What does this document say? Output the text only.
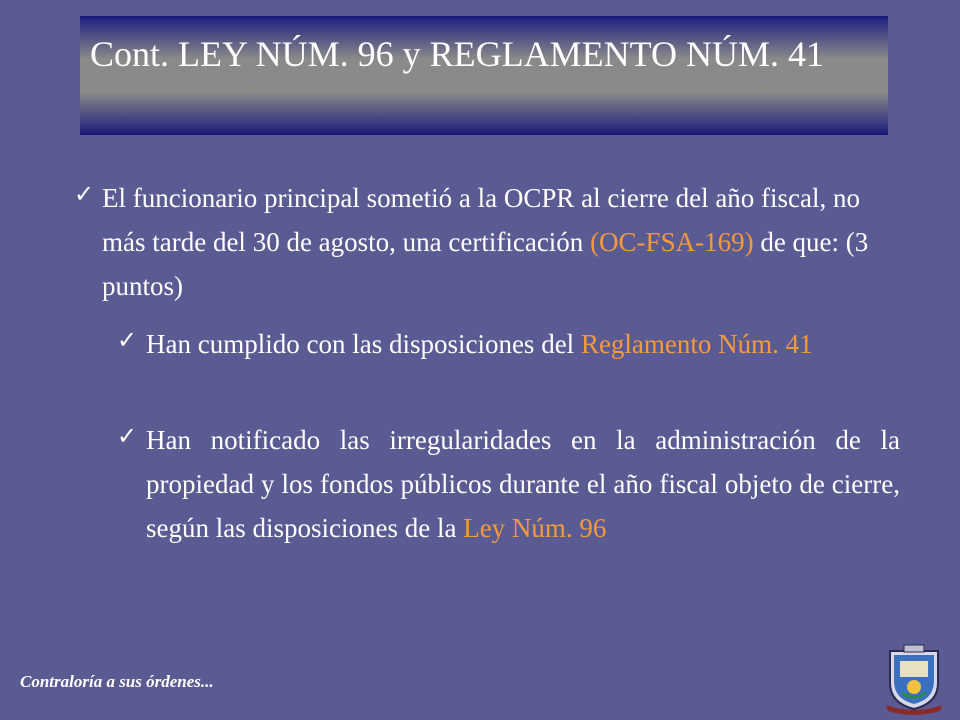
Cont. LEY NÚM. 96 y REGLAMENTO NÚM. 41
✓ El funcionario principal sometió a la OCPR al cierre del año fiscal, no más tarde del 30 de agosto, una certificación (OC-FSA-169) de que: (3 puntos)
✓ Han cumplido con las disposiciones del Reglamento Núm. 41
✓ Han notificado las irregularidades en la administración de la propiedad y los fondos públicos durante el año fiscal objeto de cierre, según las disposiciones de la Ley Núm. 96
Contraloría a sus órdenes...
